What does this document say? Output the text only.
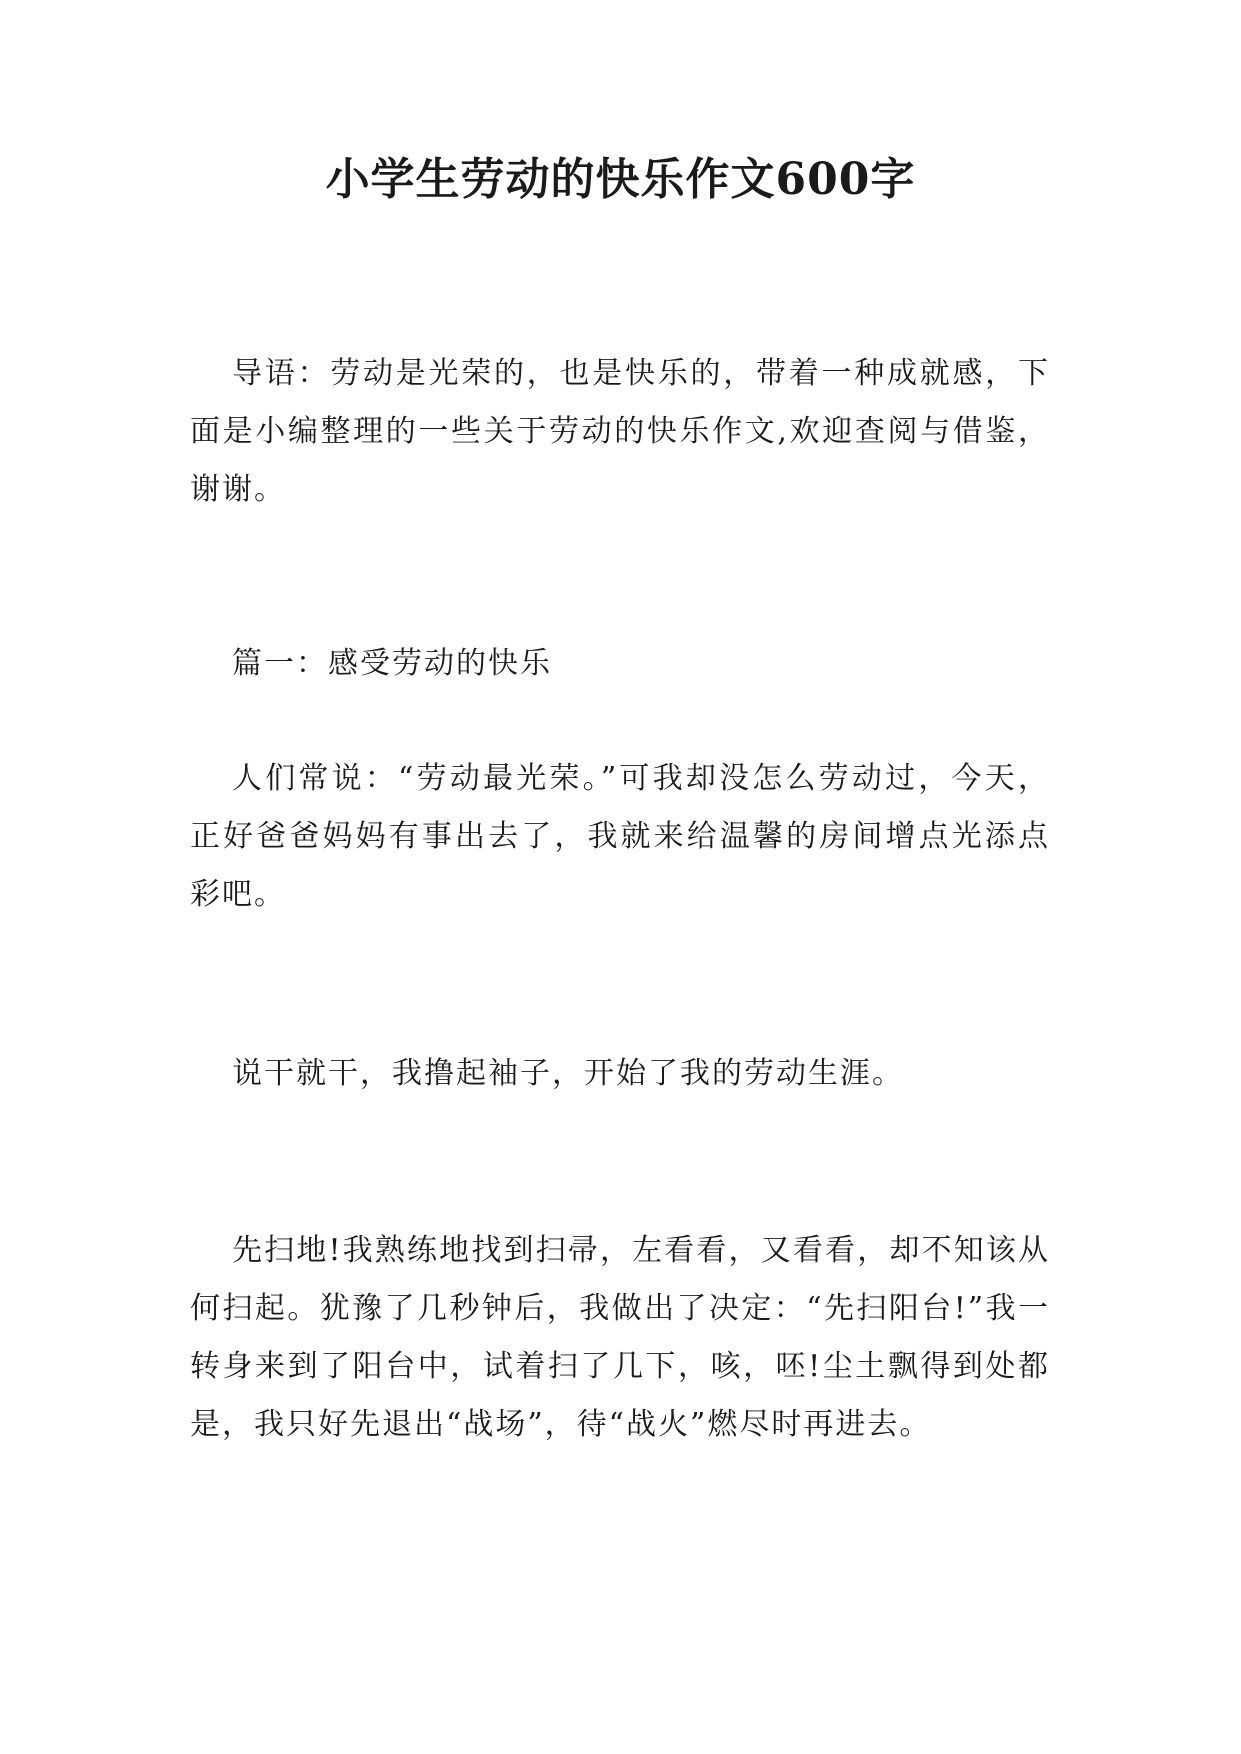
小学生劳动的快乐作文600字

导语：劳动是光荣的，也是快乐的，带着一种成就感，下面是小编整理的一些关于劳动的快乐作文,欢迎查阅与借鉴，谢谢。

篇一：感受劳动的快乐

人们常说：“劳动最光荣。”可我却没怎么劳动过，今天，正好爸爸妈妈有事出去了，我就来给温馨的房间增点光添点彩吧。

说干就干，我撸起袖子，开始了我的劳动生涯。

先扫地!我熟练地找到扫帚，左看看，又看看，却不知该从何扫起。犹豫了几秒钟后，我做出了决定：“先扫阳台!”我一转身来到了阳台中，试着扫了几下，咳，呸!尘土飘得到处都是，我只好先退出“战场”，待“战火”燃尽时再进去。
